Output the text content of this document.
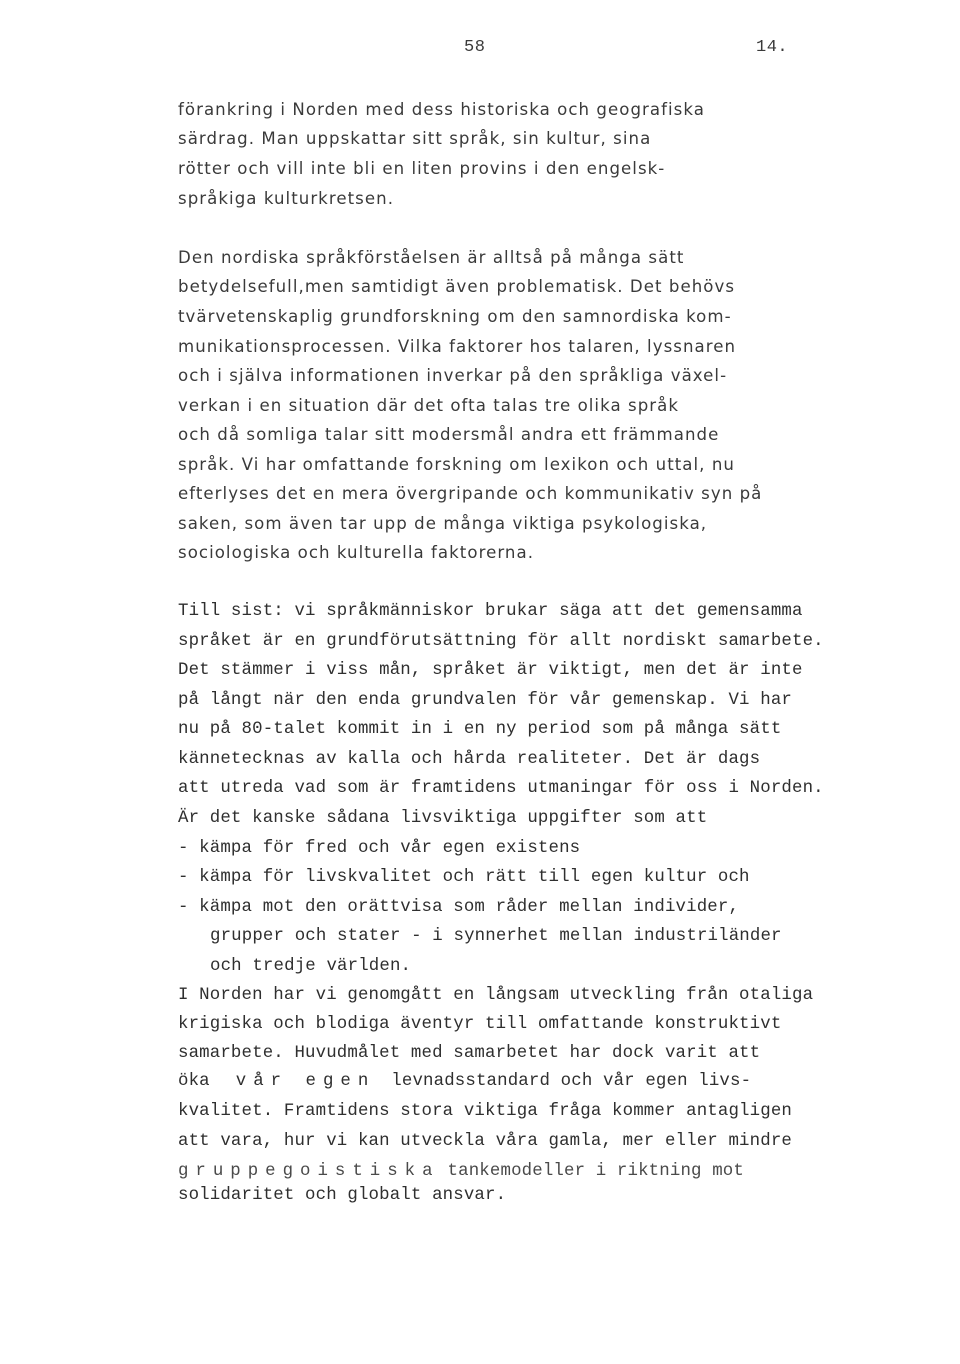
58	14.
förankring i Norden med dess historiska och geografiska
särdrag. Man uppskattar sitt språk, sin kultur, sina
rötter och vill inte bli en liten provins i den engelsk-
språkiga kulturkretsen.
Den nordiska språkförståelsen är alltså på många sätt
betydelsefull,men samtidigt även problematisk. Det behövs
tvärvetenskaplig grundforskning om den samnordiska kom-
munikationsprocessen. Vilka faktorer hos talaren, lyssnaren
och i själva informationen inverkar på den språkliga växel-
verkan i en situation där det ofta talas tre olika språk
och då somliga talar sitt modersmål andra ett främmande
språk. Vi har omfattande forskning om lexikon och uttal, nu
efterlyses det en mera övergripande och kommunikativ syn på
saken, som även tar upp de många viktiga psykologiska,
sociologiska och kulturella faktorerna.
Till sist: vi språkmänniskor brukar säga att det gemensamma
språket är en grundförutsättning för allt nordiskt samarbete.
Det stämmer i viss mån, språket är viktigt, men det är inte
på långt när den enda grundvalen för vår gemenskap. Vi har
nu på 80-talet kommit in i en ny period som på många sätt
kännetecknas av kalla och hårda realiteter. Det är dags
att utreda vad som är framtidens utmaningar för oss i Norden.
Är det kanske sådana livsviktiga uppgifter som att
- kämpa för fred och vår egen existens
- kämpa för livskvalitet och rätt till egen kultur och
- kämpa mot den orättvisa som råder mellan individer,
grupper och stater - i synnerhet mellan industriländer
och tredje världen.
I Norden har vi genomgått en långsam utveckling från otaliga
krigiska och blodiga äventyr till omfattande konstruktivt
samarbete. Huvudmålet med samarbetet har dock varit att
öka vår egen levnadsstandard och vår egen livs-
kvalitet. Framtidens stora viktiga fråga kommer antagligen
att vara, hur vi kan utveckla våra gamla, mer eller mindre
gruppegoistiska tankemodeller i riktning mot
solidaritet och globalt ansvar.
